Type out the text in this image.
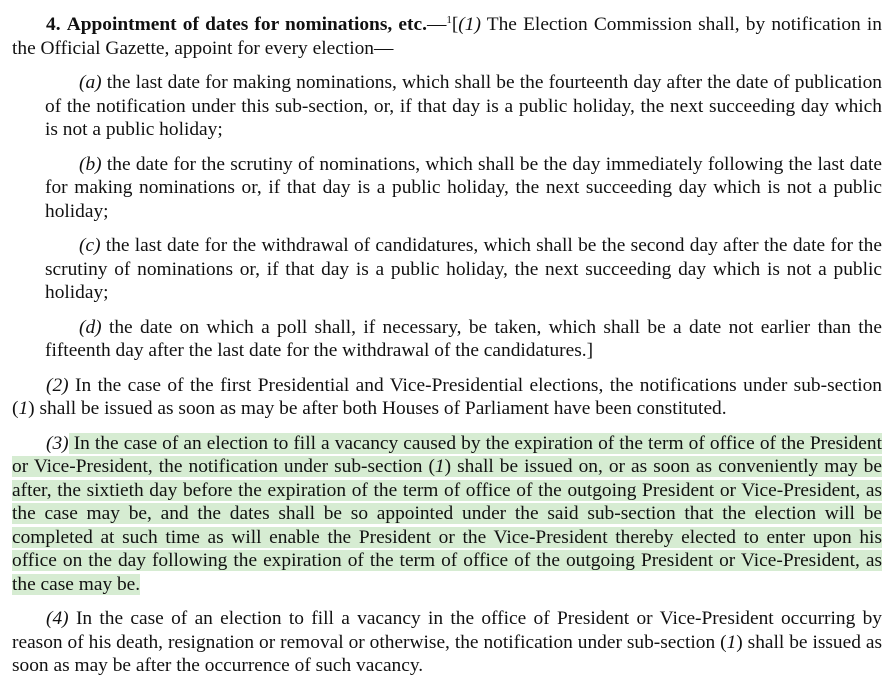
4. Appointment of dates for nominations, etc.—$^1$[(1) The Election Commission shall, by notification in the Official Gazette, appoint for every election—

(a) the last date for making nominations, which shall be the fourteenth day after the date of publication of the notification under this sub-section, or, if that day is a public holiday, the next succeeding day which is not a public holiday;

(b) the date for the scrutiny of nominations, which shall be the day immediately following the last date for making nominations or, if that day is a public holiday, the next succeeding day which is not a public holiday;

(c) the last date for the withdrawal of candidatures, which shall be the second day after the date for the scrutiny of nominations or, if that day is a public holiday, the next succeeding day which is not a public holiday;

(d) the date on which a poll shall, if necessary, be taken, which shall be a date not earlier than the fifteenth day after the last date for the withdrawal of the candidatures.]

(2) In the case of the first Presidential and Vice-Presidential elections, the notifications under sub-section (1) shall be issued as soon as may be after both Houses of Parliament have been constituted.

(3) In the case of an election to fill a vacancy caused by the expiration of the term of office of the President or Vice-President, the notification under sub-section (1) shall be issued on, or as soon as conveniently may be after, the sixtieth day before the expiration of the term of office of the outgoing President or Vice-President, as the case may be, and the dates shall be so appointed under the said sub-section that the election will be completed at such time as will enable the President or the Vice-President thereby elected to enter upon his office on the day following the expiration of the term of office of the outgoing President or Vice-President, as the case may be.

(4) In the case of an election to fill a vacancy in the office of President or Vice-President occurring by reason of his death, resignation or removal or otherwise, the notification under sub-section (1) shall be issued as soon as may be after the occurrence of such vacancy.
